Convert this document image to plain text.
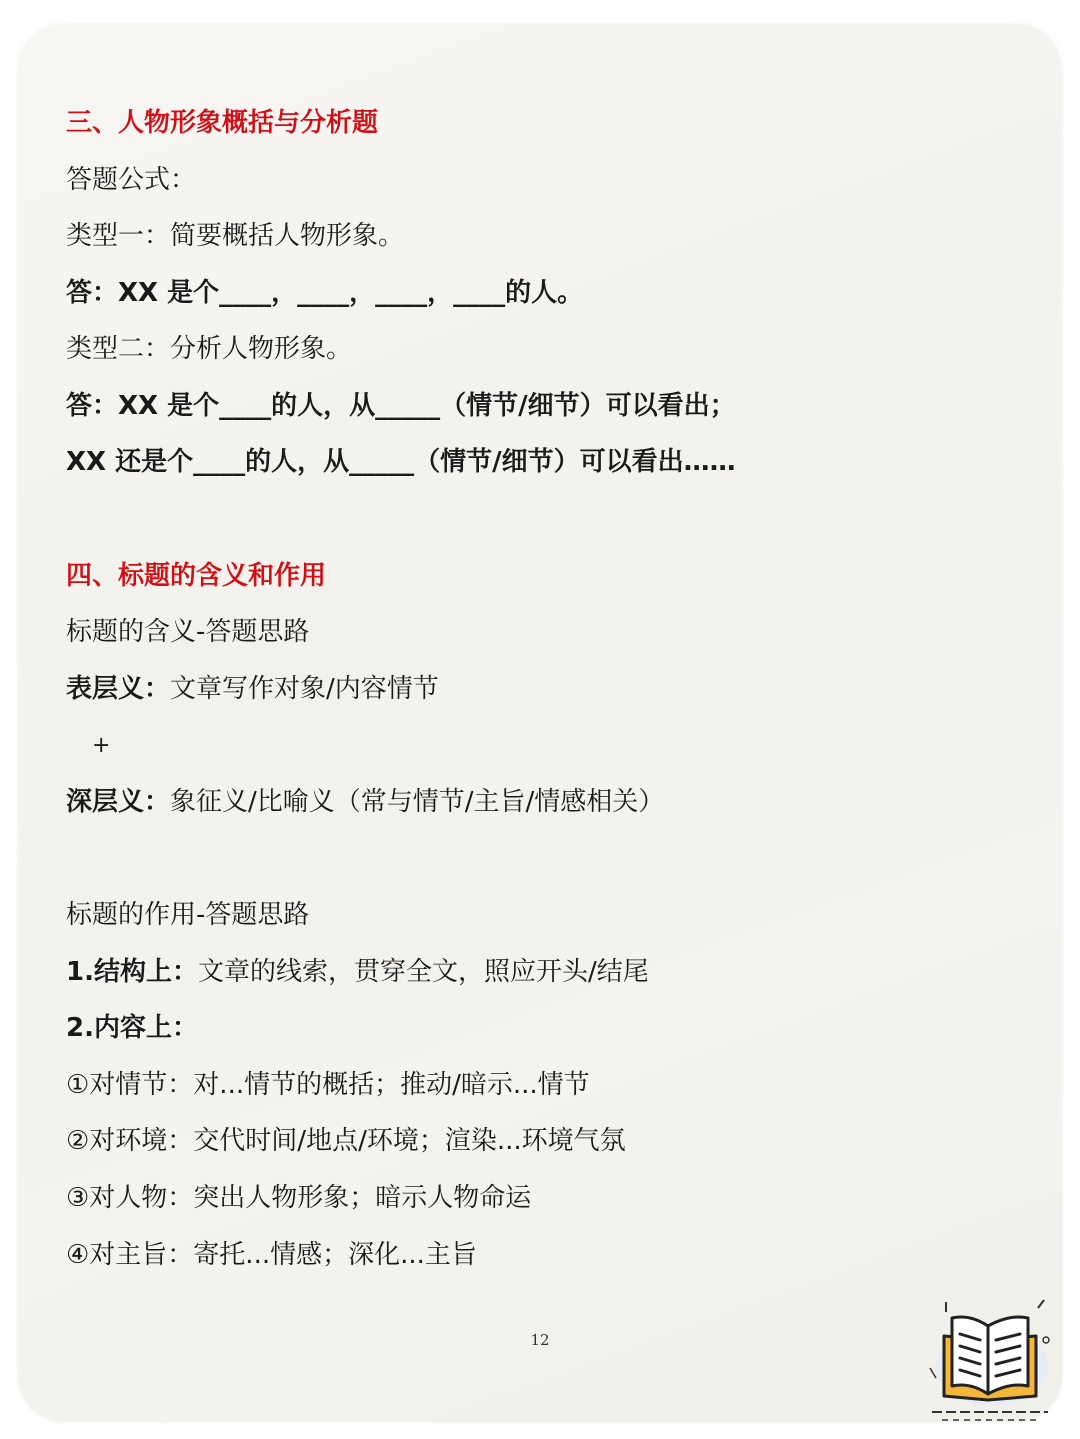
三、人物形象概括与分析题
答题公式：
类型一：简要概括人物形象。
答：XX 是个____，____，____，____的人。
类型二：分析人物形象。
答：XX 是个____的人，从_____（情节/细节）可以看出；
XX 还是个____的人，从_____（情节/细节）可以看出……
四、标题的含义和作用
标题的含义-答题思路
表层义：文章写作对象/内容情节
+
深层义：象征义/比喻义（常与情节/主旨/情感相关）
标题的作用-答题思路
1.结构上：文章的线索，贯穿全文，照应开头/结尾
2.内容上：
①对情节：对...情节的概括；推动/暗示...情节
②对环境：交代时间/地点/环境；渲染...环境气氛
③对人物：突出人物形象；暗示人物命运
④对主旨：寄托...情感；深化...主旨
12
